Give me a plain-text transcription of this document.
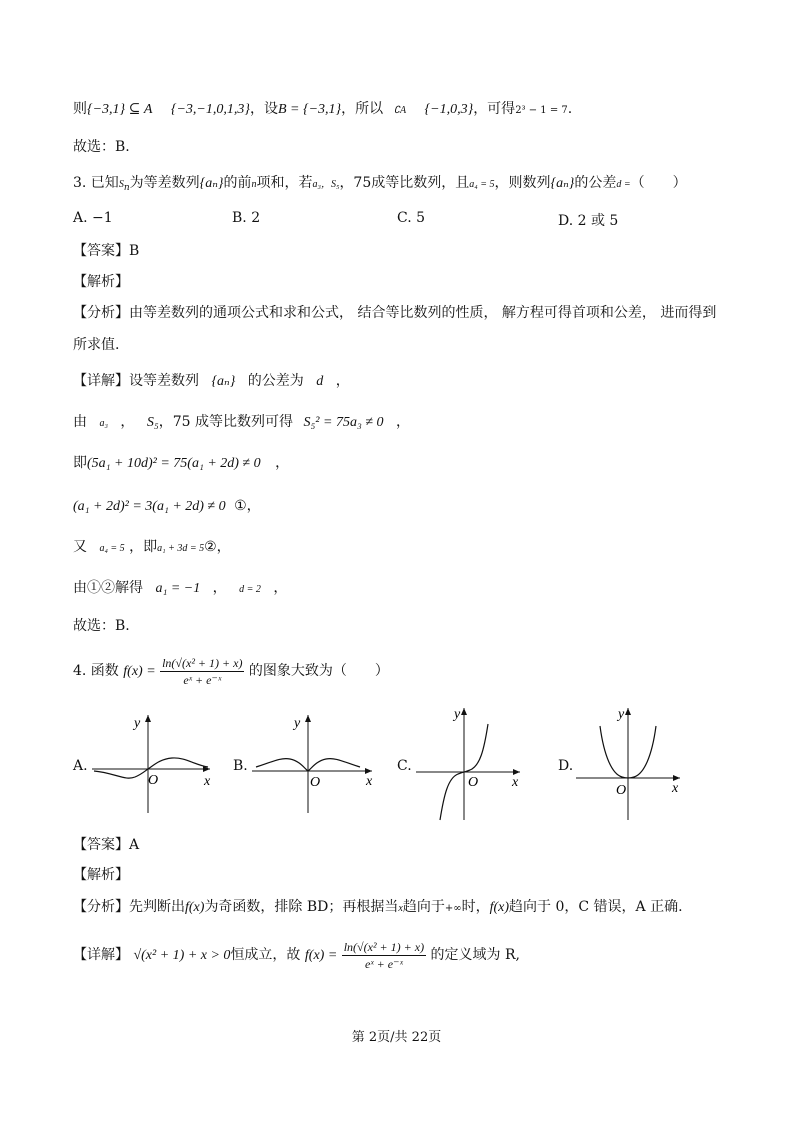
则{−3,1} ⊆ A {−3,−1,0,1,3}，设B = {−3,1}，所以 ∁A {−1,0,3}，可得2³ − 1 = 7.
故选：B.
3. 已知$S_n$为等差数列{aₙ}的前n项和，若a₃，S₅，75成等比数列，且a₄ = 5，则数列{aₙ}的公差d =（　　）
A. −1	B. 2	C. 5	D. 2 或 5
【答案】B
【解析】
【分析】由等差数列的通项公式和求和公式， 结合等比数列的性质， 解方程可得首项和公差， 进而得到
所求值.
【详解】设等差数列 {aₙ} 的公差为 d ，
由 a₃ ， S₅，75 成等比数列可得 S₅² = 75a₃ ≠ 0 ，
即(5a₁ + 10d)² = 75(a₁ + 2d) ≠ 0 ，
(a₁ + 2d)² = 3(a₁ + 2d) ≠ 0 ①，
又 a₄ = 5 ，即a₁ + 3d = 5②，
由①②解得 a₁ = −1 ， d = 2 ，
故选：B.
4. 函数 $f(x) = \frac{\text{ln(√(x² + 1) + x)}}{\text{eˣ + e⁻ˣ}}$ 的图象大致为（　　）
A.	B.	C.	D.
y
x
O
y
x
O
y
x
O
y
x
O
【答案】A
【解析】
【分析】先判断出f(x)为奇函数，排除 BD；再根据当x趋向于+∞时，f(x)趋向于 0，C 错误，A 正确.
【详解】 √(x² + 1) + x > 0恒成立，故 $f(x) = \frac{\text{ln(√(x² + 1) + x)}}{\text{eˣ + e⁻ˣ}}$ 的定义域为 R,
第 2页/共 22页
